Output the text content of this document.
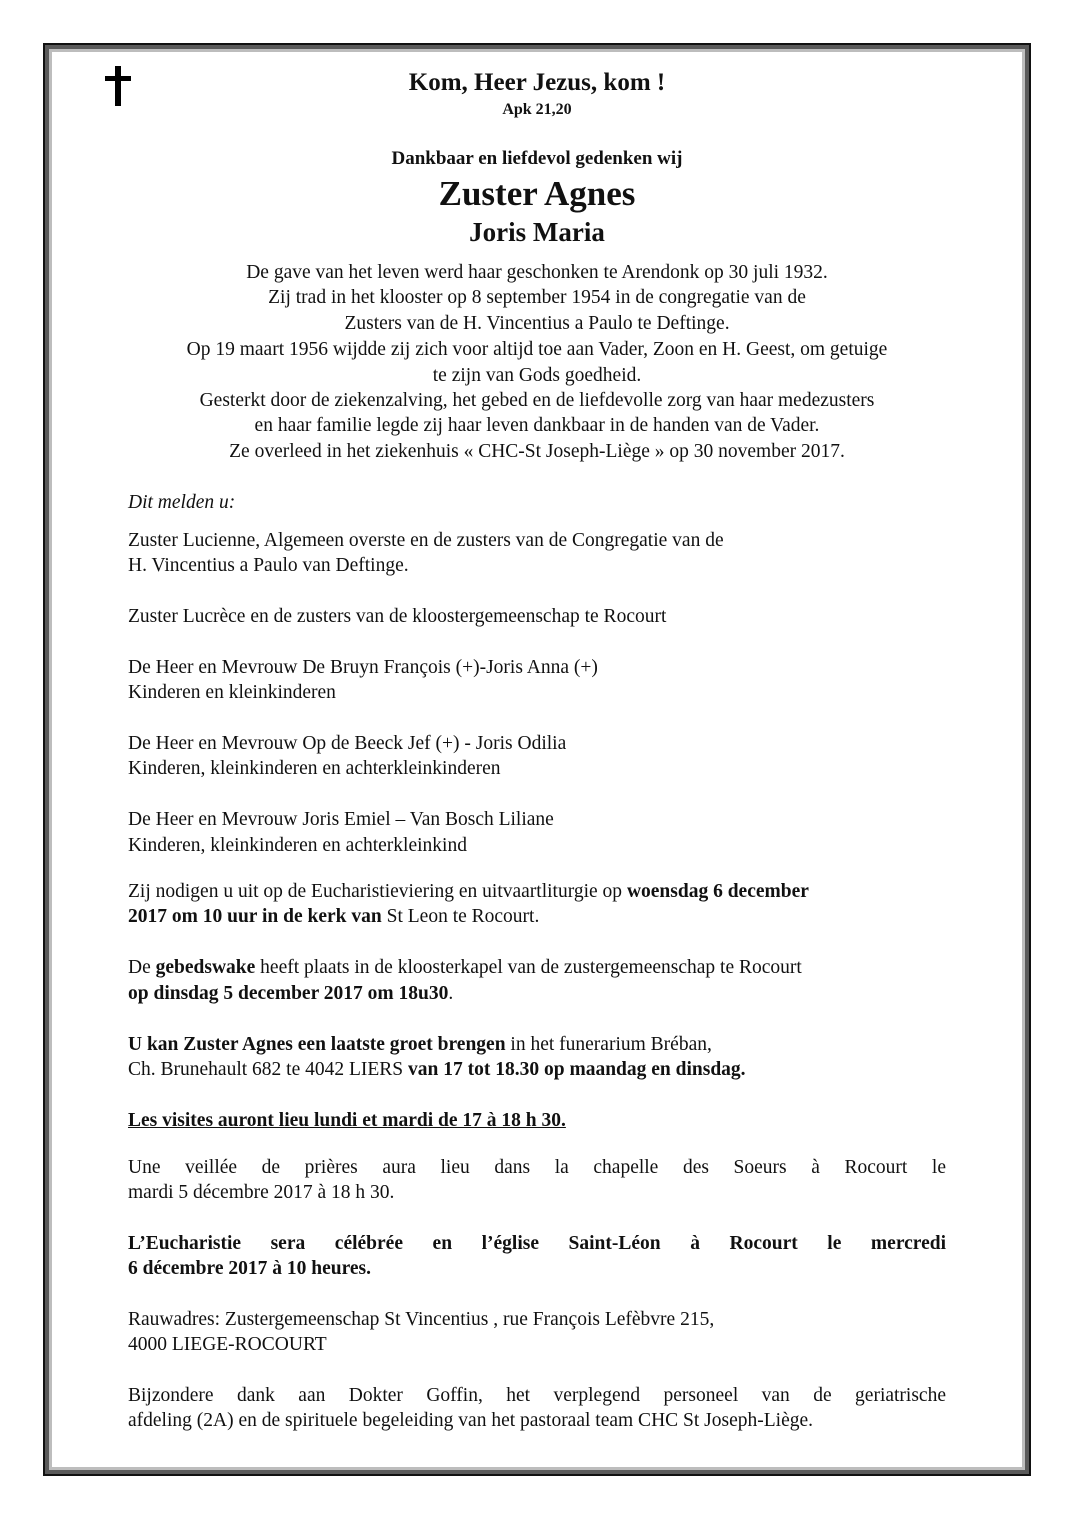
Kom, Heer Jezus, kom !
Apk 21,20
Dankbaar en liefdevol gedenken wij
Zuster Agnes
Joris Maria
De gave van het leven werd haar geschonken te Arendonk op 30 juli 1932.
Zij trad in het klooster op 8 september 1954 in de congregatie van de
Zusters van de H. Vincentius a Paulo te Deftinge.
Op 19 maart 1956 wijdde zij zich voor altijd toe aan Vader, Zoon en H. Geest, om getuige
te zijn van Gods goedheid.
Gesterkt door de ziekenzalving, het gebed en de liefdevolle zorg van haar medezusters
en haar familie legde zij haar leven dankbaar in de handen van de Vader.
Ze overleed in het ziekenhuis « CHC-St Joseph-Liège » op 30 november 2017.
Dit melden u:
Zuster Lucienne, Algemeen overste en de zusters van de Congregatie van de
H. Vincentius a Paulo van Deftinge.
Zuster Lucrèce en de zusters van de kloostergemeenschap te Rocourt
De Heer en Mevrouw De Bruyn François (+)-Joris Anna (+)
Kinderen en kleinkinderen
De Heer en Mevrouw Op de Beeck Jef (+) - Joris Odilia
Kinderen, kleinkinderen en achterkleinkinderen
De Heer en Mevrouw Joris Emiel – Van Bosch Liliane
Kinderen, kleinkinderen en achterkleinkind
Zij nodigen u uit op de Eucharistieviering en uitvaartliturgie op woensdag 6 december
2017 om 10 uur in de kerk van St Leon te Rocourt.
De gebedswake heeft plaats in de kloosterkapel van de zustergemeenschap te Rocourt
op dinsdag 5 december 2017 om 18u30.
U kan Zuster Agnes een laatste groet brengen in het funerarium Bréban,
Ch. Brunehault 682 te 4042 LIERS van 17 tot 18.30 op maandag en dinsdag.
Les visites auront lieu lundi et mardi de 17 à 18 h 30.
Une veillée de prières aura lieu dans la chapelle des Soeurs à Rocourt le
mardi 5 décembre 2017 à 18 h 30.
L’Eucharistie sera célébrée en l’église Saint-Léon à Rocourt le mercredi
6 décembre 2017 à 10 heures.
Rauwadres: Zustergemeenschap St Vincentius , rue François Lefèbvre 215,
4000 LIEGE-ROCOURT
Bijzondere dank aan Dokter Goffin, het verplegend personeel van de geriatrische
afdeling (2A) en de spirituele begeleiding van het pastoraal team CHC St Joseph-Liège.
